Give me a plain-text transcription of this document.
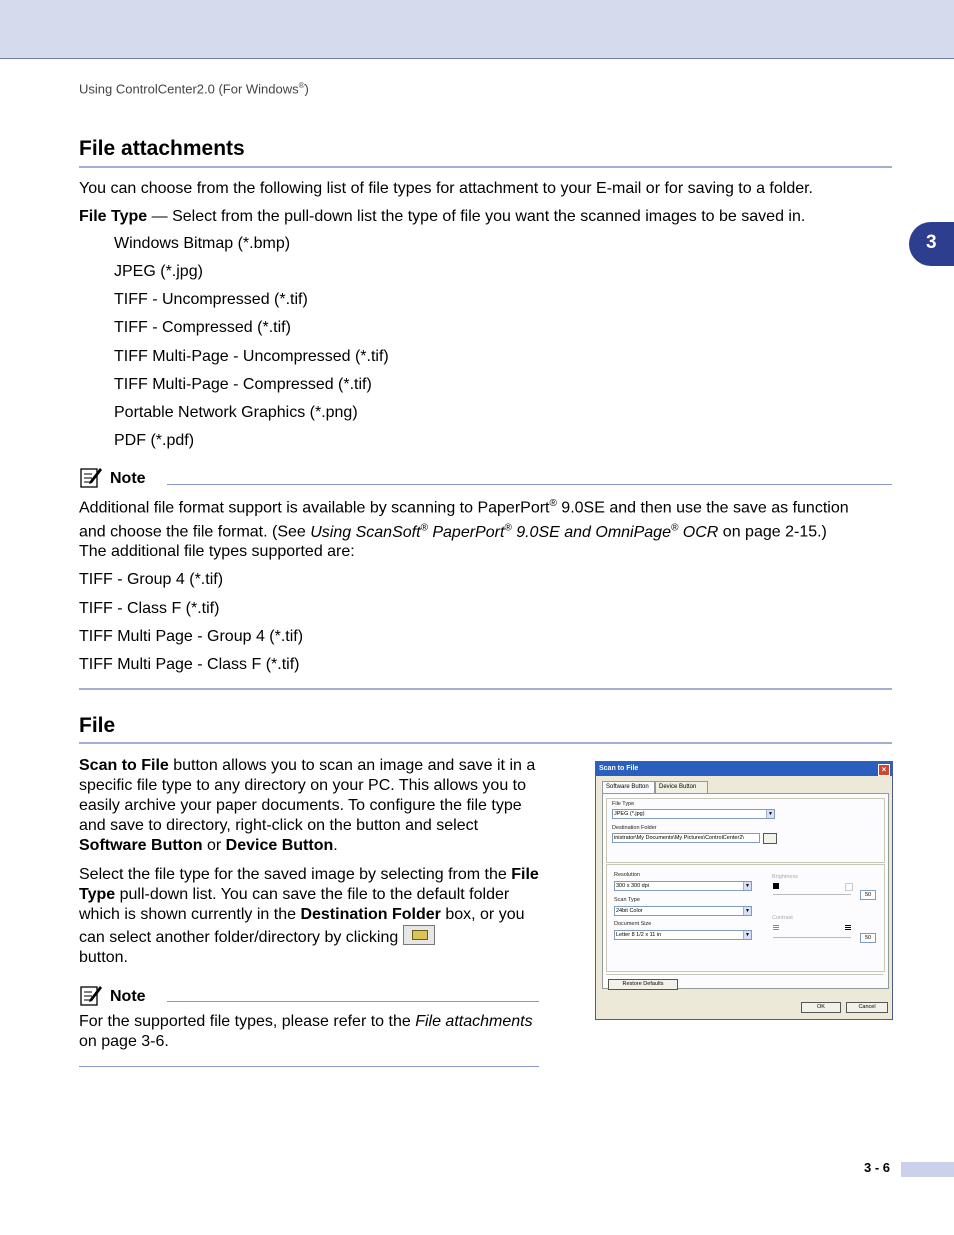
Using ControlCenter2.0 (For Windows®)
3
File attachments

You can choose from the following list of file types for attachment to your E-mail or for saving to a folder.

File Type — Select from the pull-down list the type of file you want the scanned images to be saved in.

Windows Bitmap (*.bmp)
JPEG (*.jpg)
TIFF - Uncompressed (*.tif)
TIFF - Compressed (*.tif)
TIFF Multi-Page - Uncompressed (*.tif)
TIFF Multi-Page - Compressed (*.tif)
Portable Network Graphics (*.png)
PDF (*.pdf)
Note

Additional file format support is available by scanning to PaperPort® 9.0SE and then use the save as function
and choose the file format. (See Using ScanSoft® PaperPort® 9.0SE and OmniPage® OCR on page 2-15.)

The additional file types supported are:

TIFF - Group 4 (*.tif)

TIFF - Class F (*.tif)

TIFF Multi Page - Group 4 (*.tif)

TIFF Multi Page - Class F (*.tif)

File

Scan to File button allows you to scan an image and save it in a specific file type to any directory on your PC. This allows you to easily archive your paper documents. To configure the file type and save to directory, right-click on the button and select Software Button or Device Button.

Select the file type for the saved image by selecting from the File Type pull-down list. You can save the file to the default folder which is shown currently in the Destination Folder box, or you can select another folder/directory by clicking
button.

Note

For the supported file types, please refer to the File attachments on page 3-6.

Scan to File	×
Software Button	Device Button
File Type
JPEG (*.jpg)	▼
Destination Folder
inistrator\My Documents\My Pictures\ControlCenter2\
Resolution
300 x 300 dpi	▼
Scan Type
24bit Color	▼
Document Size
Letter 8 1/2 x 11 in	▼
Brightness
50
Contrast
50
Restore Defaults
OK	Cancel
3 - 6
